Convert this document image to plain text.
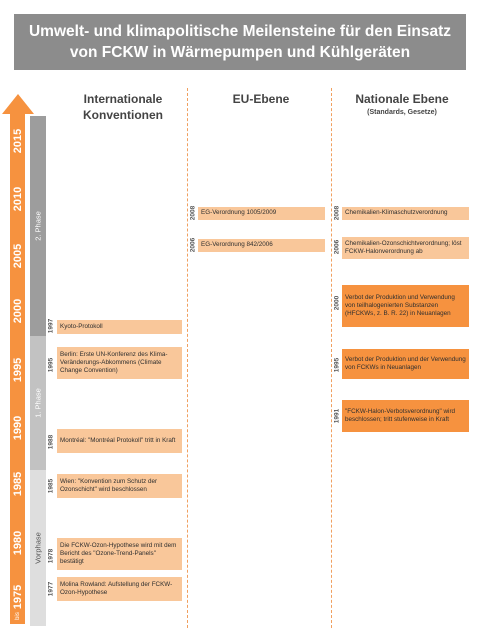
Umwelt- und klimapolitische Meilensteine für den Einsatz
von FCKW in Wärmepumpen und Kühlgeräten
Internationale Konventionen
EU-Ebene	Nationale Ebene
(Standards, Gesetze)
2015
2010
2005
2000
1995
1990
1985
1980
1975
bis
2. Phase
1. Phase
Vorphase
1997 Kyoto-Protokoll
1995
Berlin: Erste UN-Konferenz des Klima-Veränderungs-Abkommens (Climate Change Convention)
1988 Montréal: "Montréal Protokoll" tritt in Kraft
1985 Wien: "Konvention zum Schutz der Ozonschicht" wird beschlossen
1978
Die FCKW-Ozon-Hypothese wird mit dem Bericht des "Ozone-Trend-Panels" bestätigt
1977 Molina Rowland: Aufstellung der FCKW-Ozon-Hypothese
2008 EG-Verordnung 1005/2009
2006 EG-Verordnung 842/2006
2008 Chemikalien-Klimaschutzverordnung
2006 Chemikalien-Ozonschichtverordnung; löst FCKW-Halonverordnung ab
2000 Verbot der Produktion und Verwendung von teilhalogenierten Substanzen (HFCKWs, z. B. R. 22) in Neuanlagen
1995 Verbot der Produktion und der Verwendung von FCKWs in Neuanlagen
1991 "FCKW-Halon-Verbotsverordnung" wird beschlossen; tritt stufenweise in Kraft
